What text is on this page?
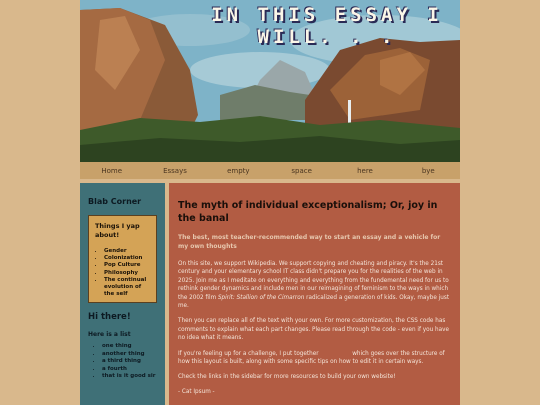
IN THIS ESSAY I WILL. . .
Home	Essays	empty	space	here	bye
Blab Corner
Things I yap about!
• Gender
• Colonization
• Pop Culture
• Philosophy
• The continual evolution of the self
Hi there!
Here is a list
• one thing
• another thing
• a third thing
• a fourth
• that is it good sir
The myth of individual exceptionalism; Or, joy in the banal
The best, most teacher-recommended way to start an essay and a vehicle for my own thoughts

On this site, we support Wikipedia. We support copying and cheating and piracy. It's the 21st century and your elementary school IT class didn't prepare you for the realities of the web in 2025. Join me as I meditate on everything and everything from the fundemental need for us to rethink gender dynamics and include men in our reimagining of feminism to the ways in which the 2002 film Spirit: Stallion of the Cimarron radicalized a generation of kids. Okay, maybe just me.

Then you can replace all of the text with your own. For more customization, the CSS code has comments to explain what each part changes. Please read through the code - even if you have no idea what it means.

If you're feeling up for a challenge, I put together	which goes over the structure of how this layout is built, along with some specific tips on how to edit it in certain ways.

Check the links in the sidebar for more resources to build your own website!

- Cat Ipsum -
